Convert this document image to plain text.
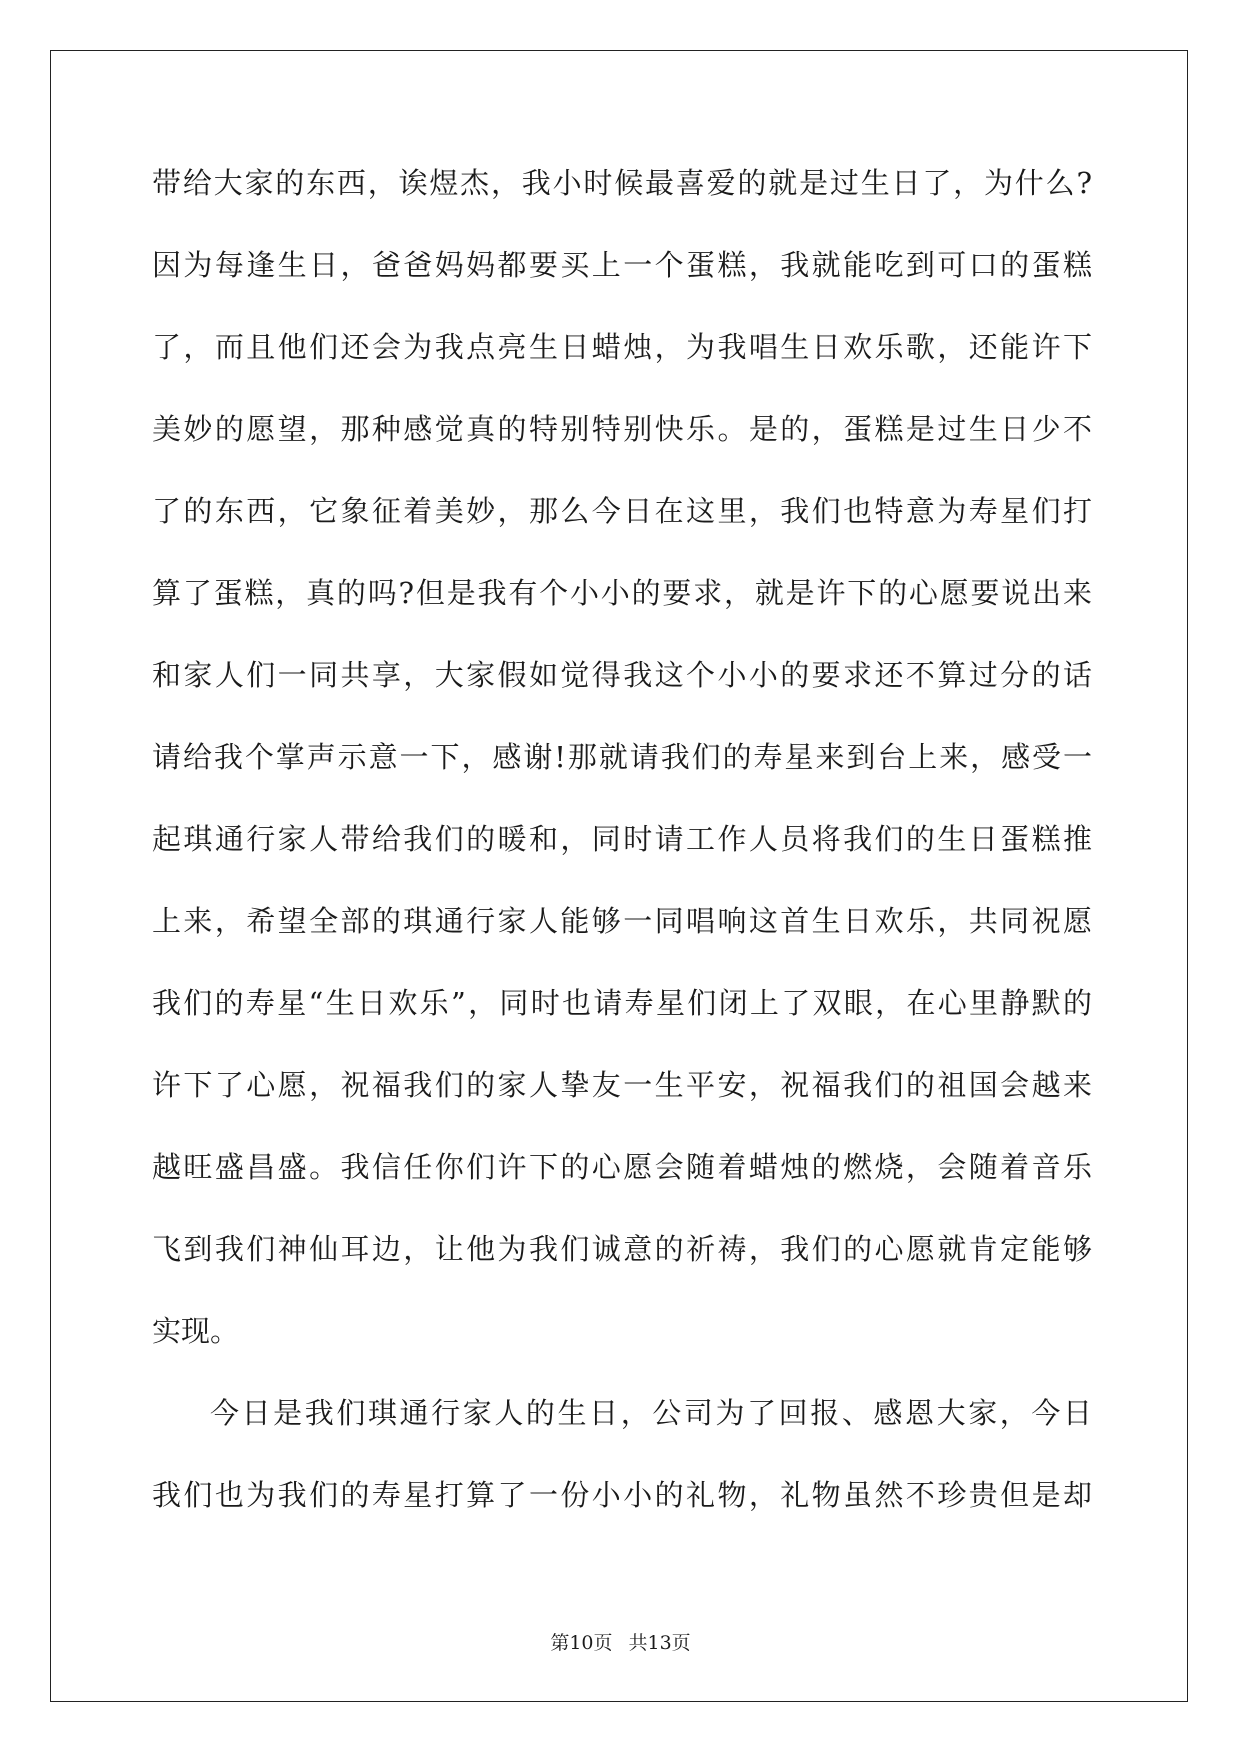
带给大家的东西，诶煜杰，我小时候最喜爱的就是过生日了，为什么?
因为每逢生日，爸爸妈妈都要买上一个蛋糕，我就能吃到可口的蛋糕
了，而且他们还会为我点亮生日蜡烛，为我唱生日欢乐歌，还能许下
美妙的愿望，那种感觉真的特别特别快乐。是的，蛋糕是过生日少不
了的东西，它象征着美妙，那么今日在这里，我们也特意为寿星们打
算了蛋糕，真的吗?但是我有个小小的要求，就是许下的心愿要说出来
和家人们一同共享，大家假如觉得我这个小小的要求还不算过分的话
请给我个掌声示意一下，感谢!那就请我们的寿星来到台上来，感受一
起琪通行家人带给我们的暖和，同时请工作人员将我们的生日蛋糕推
上来，希望全部的琪通行家人能够一同唱响这首生日欢乐，共同祝愿
我们的寿星“生日欢乐”，同时也请寿星们闭上了双眼，在心里静默的
许下了心愿，祝福我们的家人挚友一生平安，祝福我们的祖国会越来
越旺盛昌盛。我信任你们许下的心愿会随着蜡烛的燃烧，会随着音乐
飞到我们神仙耳边，让他为我们诚意的祈祷，我们的心愿就肯定能够
实现。
今日是我们琪通行家人的生日，公司为了回报、感恩大家，今日
我们也为我们的寿星打算了一份小小的礼物，礼物虽然不珍贵但是却
第10页 共13页
